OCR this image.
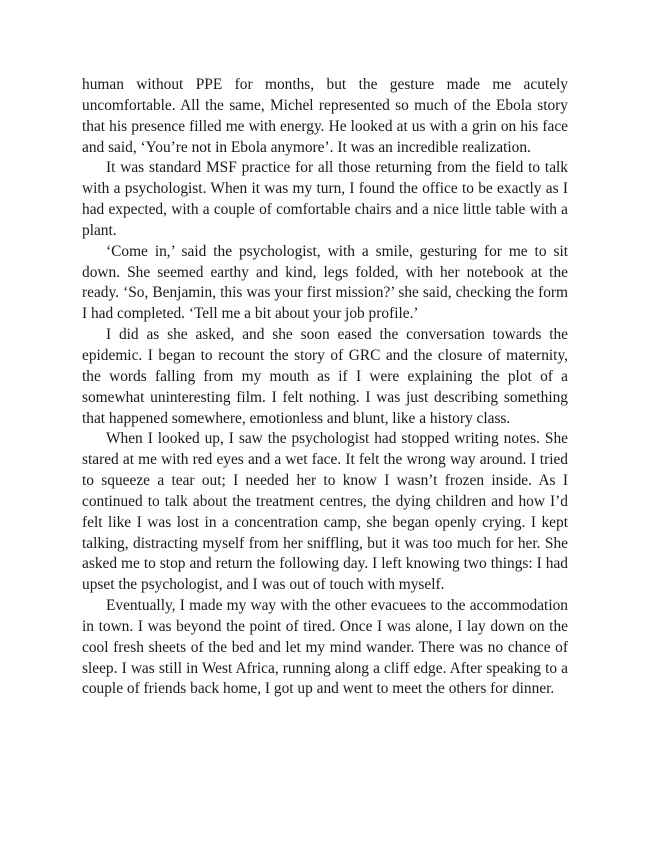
human without PPE for months, but the gesture made me acutely uncomfortable. All the same, Michel represented so much of the Ebola story that his presence filled me with energy. He looked at us with a grin on his face and said, ‘You’re not in Ebola anymore’. It was an incredible realization.

It was standard MSF practice for all those returning from the field to talk with a psychologist. When it was my turn, I found the office to be exactly as I had expected, with a couple of comfortable chairs and a nice little table with a plant.

‘Come in,’ said the psychologist, with a smile, gesturing for me to sit down. She seemed earthy and kind, legs folded, with her notebook at the ready. ‘So, Benjamin, this was your first mission?’ she said, checking the form I had completed. ‘Tell me a bit about your job profile.’

I did as she asked, and she soon eased the conversation towards the epidemic. I began to recount the story of GRC and the closure of maternity, the words falling from my mouth as if I were explaining the plot of a somewhat uninteresting film. I felt nothing. I was just describing something that happened somewhere, emotionless and blunt, like a history class.

When I looked up, I saw the psychologist had stopped writing notes. She stared at me with red eyes and a wet face. It felt the wrong way around. I tried to squeeze a tear out; I needed her to know I wasn’t frozen inside. As I continued to talk about the treatment centres, the dying children and how I’d felt like I was lost in a concentration camp, she began openly crying. I kept talking, distracting myself from her sniffling, but it was too much for her. She asked me to stop and return the following day. I left knowing two things: I had upset the psychologist, and I was out of touch with myself.

Eventually, I made my way with the other evacuees to the accommodation in town. I was beyond the point of tired. Once I was alone, I lay down on the cool fresh sheets of the bed and let my mind wander. There was no chance of sleep. I was still in West Africa, running along a cliff edge. After speaking to a couple of friends back home, I got up and went to meet the others for dinner.
